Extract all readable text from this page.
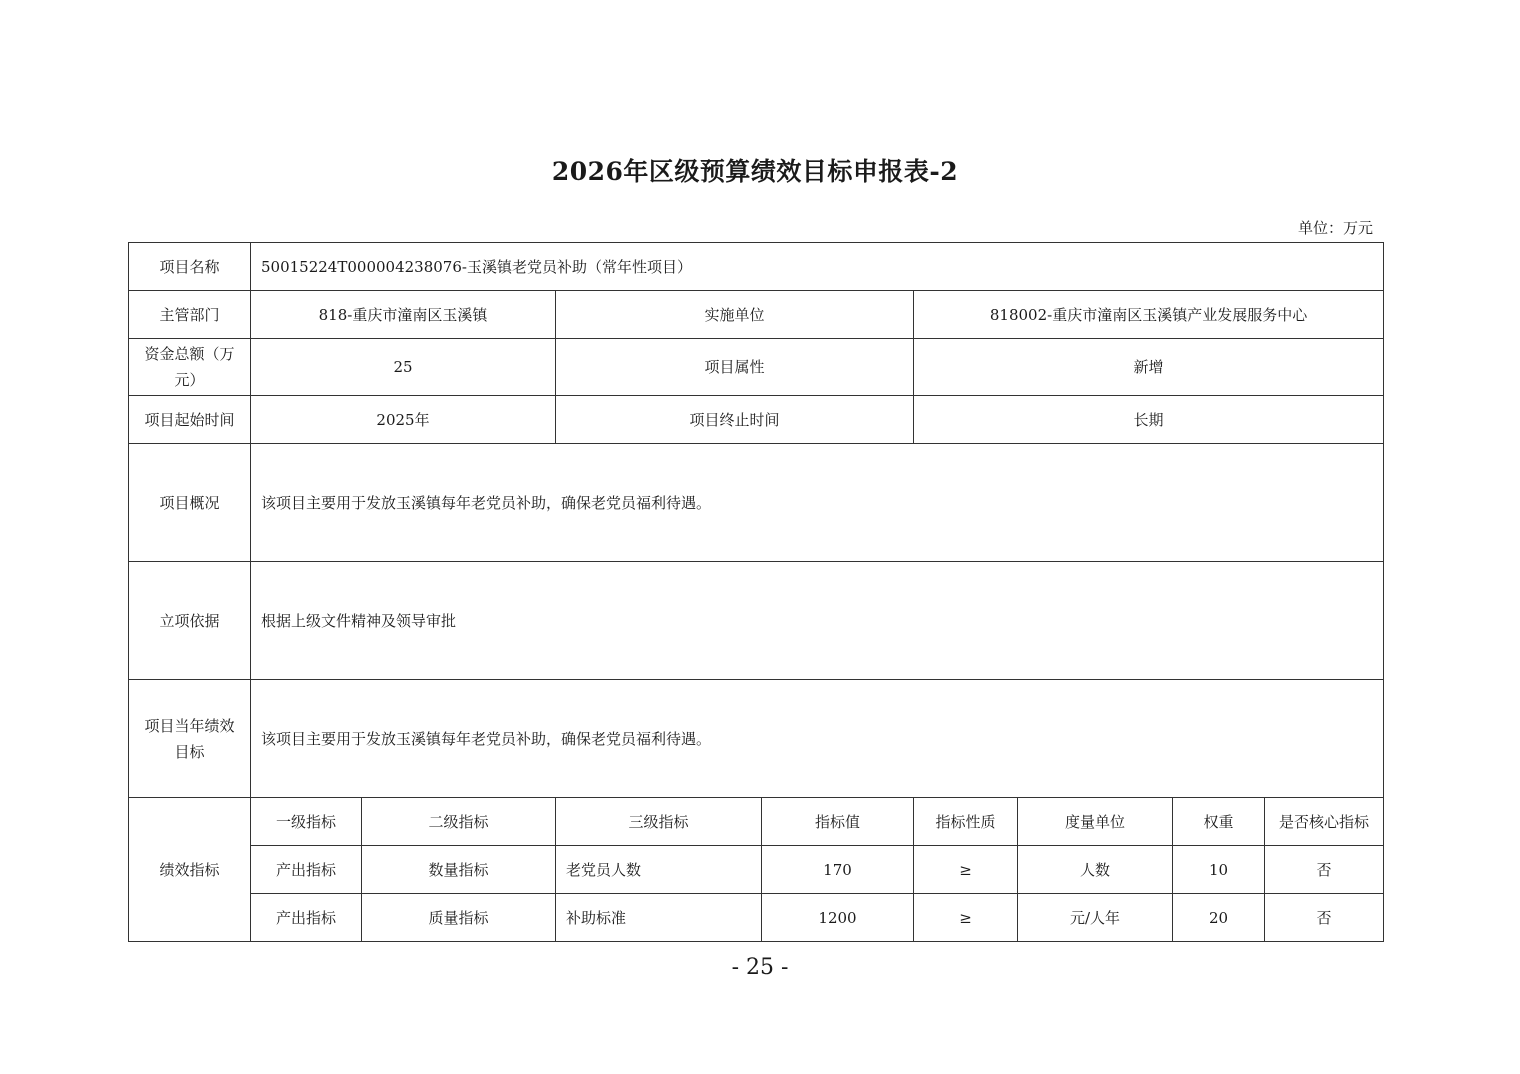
2026年区级预算绩效目标申报表-2
单位：万元
项目名称	50015224T000004238076-玉溪镇老党员补助（常年性项目）							
主管部门	818-重庆市潼南区玉溪镇		实施单位		818002-重庆市潼南区玉溪镇产业发展服务中心			

资金总额（万
元）	25		项目属性		新增			
项目起始时间	2025年		项目终止时间		长期			
项目概况	该项目主要用于发放玉溪镇每年老党员补助，确保老党员福利待遇。							
立项依据	根据上级文件精神及领导审批							

项目当年绩效
目标	该项目主要用于发放玉溪镇每年老党员补助，确保老党员福利待遇。							
绩效指标	一级指标	二级指标	三级指标	指标值	指标性质	度量单位	权重	是否核心指标
	产出指标	数量指标	老党员人数	170	≥	人数	10	否
	产出指标	质量指标	补助标准	1200	≥	元/人年	20	否
- 25 -
